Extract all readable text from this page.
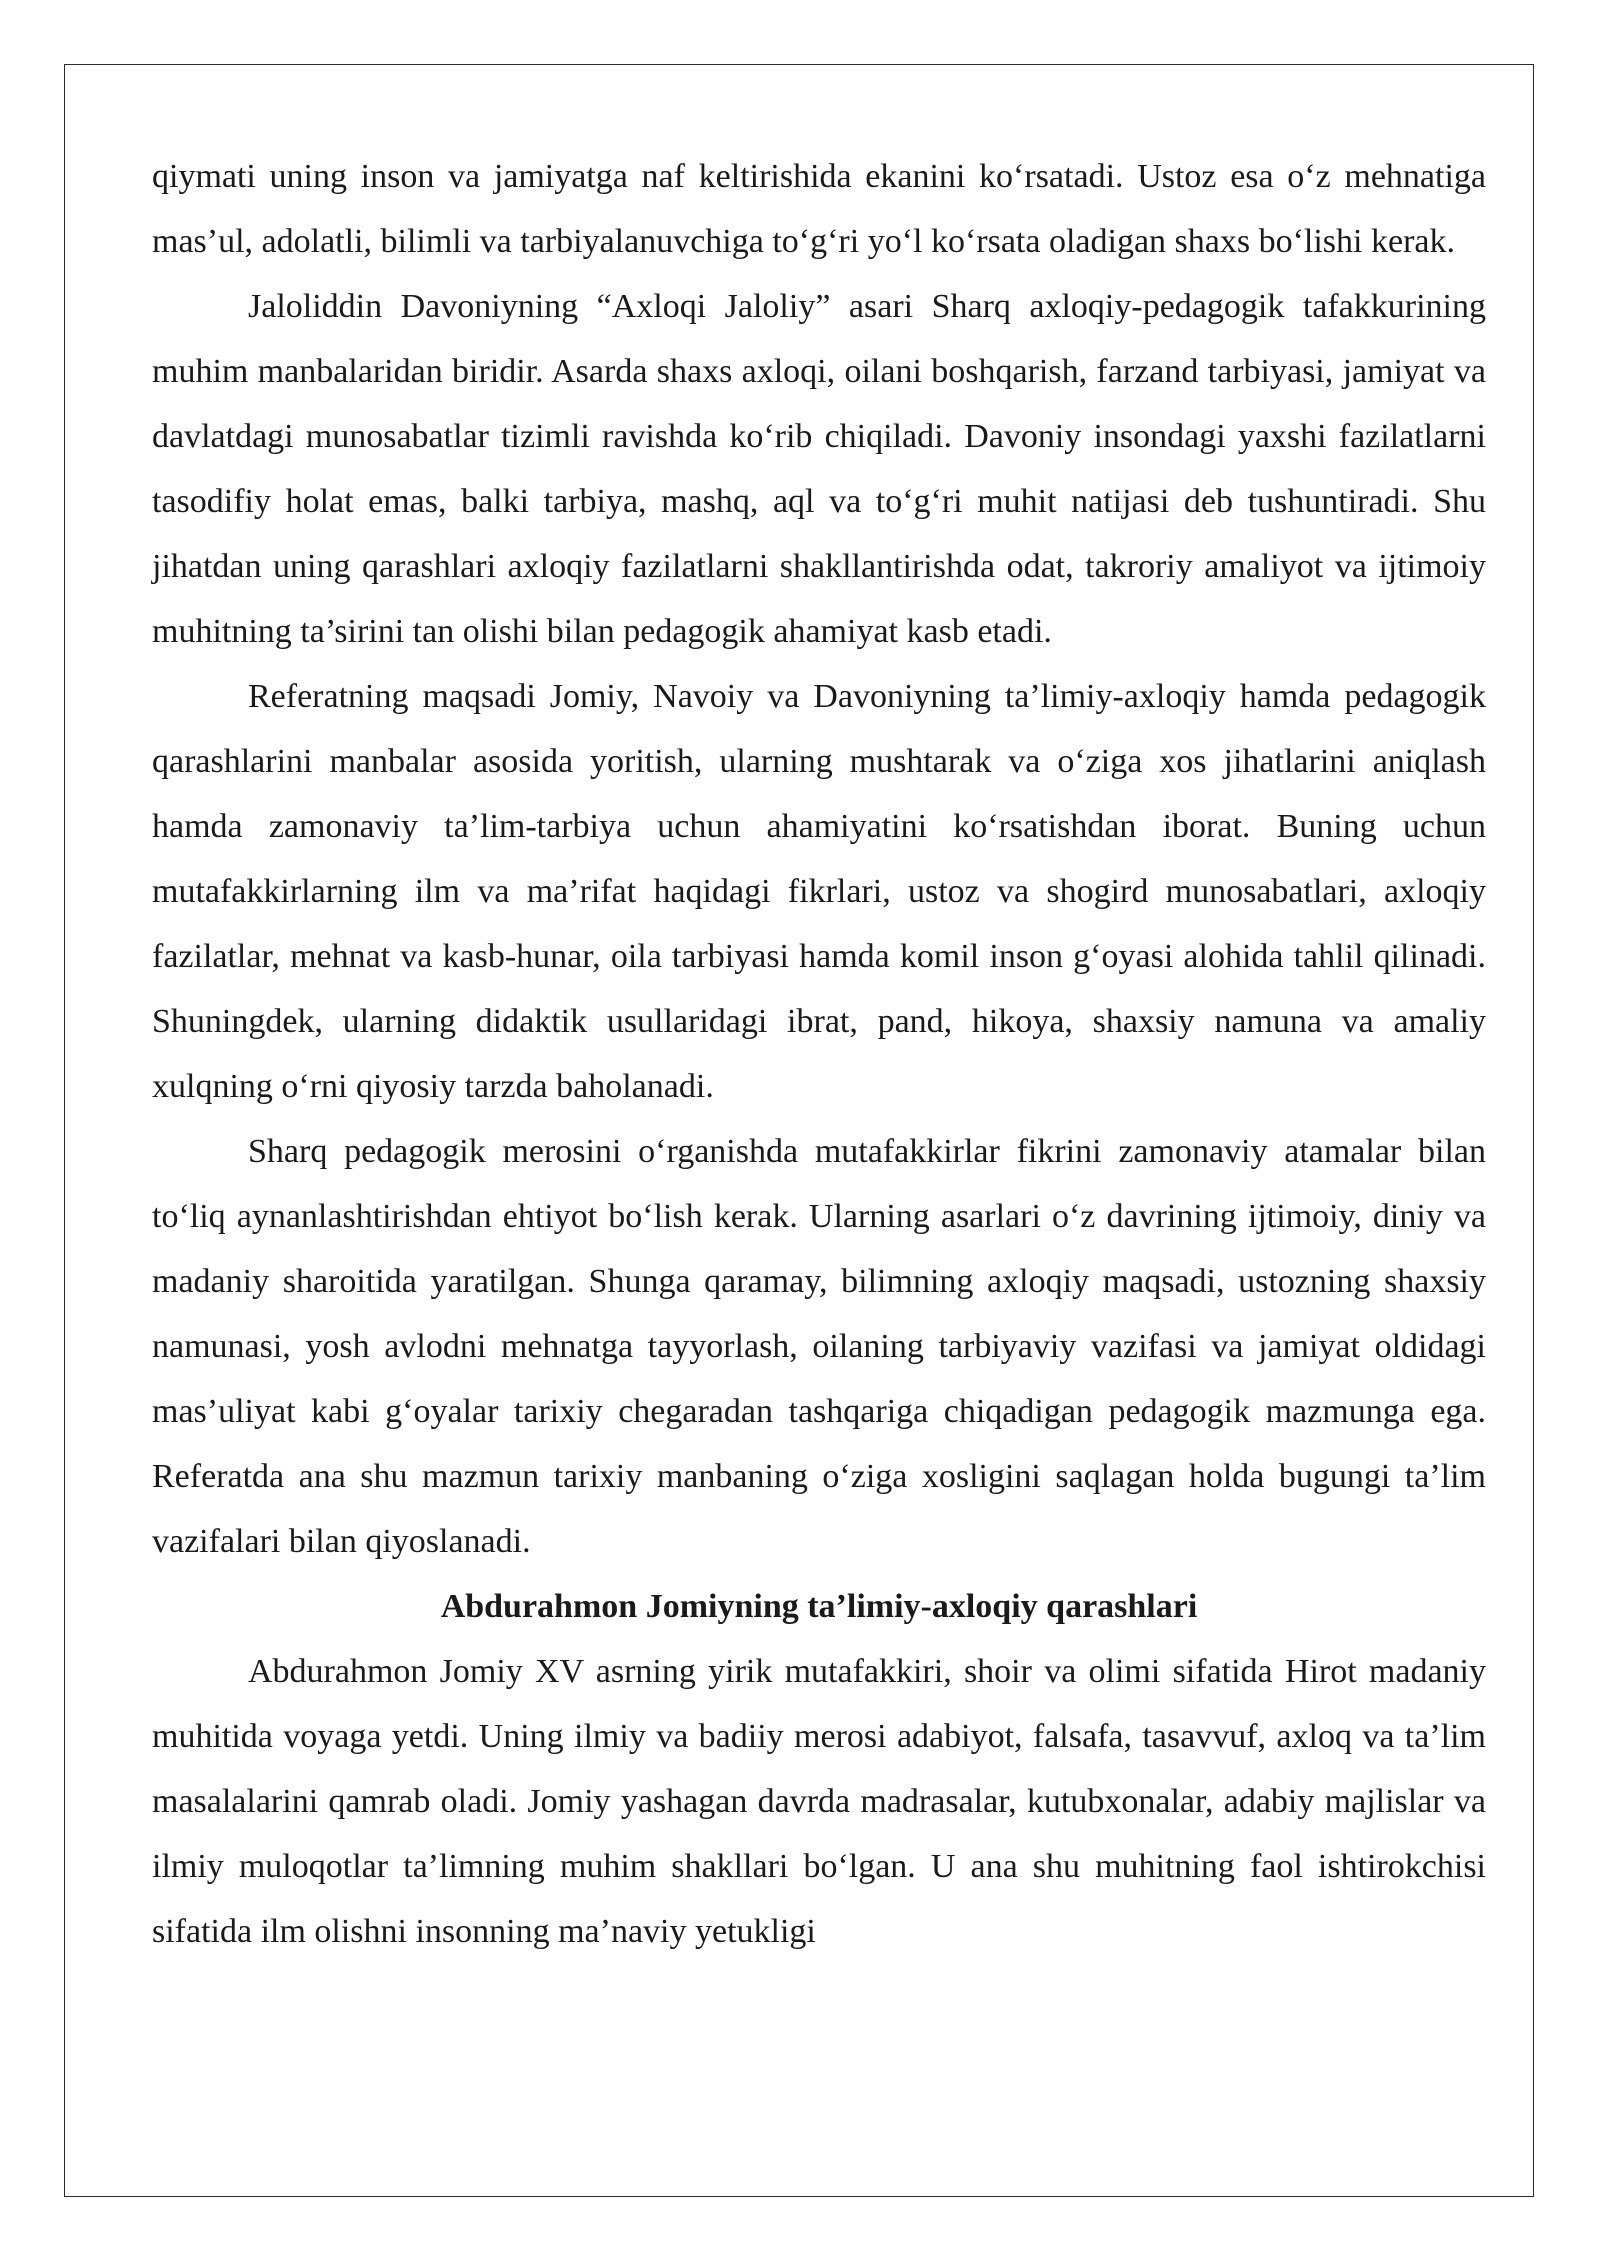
qiymati uning inson va jamiyatga naf keltirishida ekanini ko‘rsatadi. Ustoz esa o‘z mehnatiga mas’ul, adolatli, bilimli va tarbiyalanuvchiga to‘g‘ri yo‘l ko‘rsata oladigan shaxs bo‘lishi kerak.

Jaloliddin Davoniyning “Axloqi Jaloliy” asari Sharq axloqiy-pedagogik tafakkurining muhim manbalaridan biridir. Asarda shaxs axloqi, oilani boshqarish, farzand tarbiyasi, jamiyat va davlatdagi munosabatlar tizimli ravishda ko‘rib chiqiladi. Davoniy insondagi yaxshi fazilatlarni tasodifiy holat emas, balki tarbiya, mashq, aql va to‘g‘ri muhit natijasi deb tushuntiradi. Shu jihatdan uning qarashlari axloqiy fazilatlarni shakllantirishda odat, takroriy amaliyot va ijtimoiy muhitning ta’sirini tan olishi bilan pedagogik ahamiyat kasb etadi.

Referatning maqsadi Jomiy, Navoiy va Davoniyning ta’limiy-axloqiy hamda pedagogik qarashlarini manbalar asosida yoritish, ularning mushtarak va o‘ziga xos jihatlarini aniqlash hamda zamonaviy ta’lim-tarbiya uchun ahamiyatini ko‘rsatishdan iborat. Buning uchun mutafakkirlarning ilm va ma’rifat haqidagi fikrlari, ustoz va shogird munosabatlari, axloqiy fazilatlar, mehnat va kasb-hunar, oila tarbiyasi hamda komil inson g‘oyasi alohida tahlil qilinadi. Shuningdek, ularning didaktik usullaridagi ibrat, pand, hikoya, shaxsiy namuna va amaliy xulqning o‘rni qiyosiy tarzda baholanadi.

Sharq pedagogik merosini o‘rganishda mutafakkirlar fikrini zamonaviy atamalar bilan to‘liq aynanlashtirishdan ehtiyot bo‘lish kerak. Ularning asarlari o‘z davrining ijtimoiy, diniy va madaniy sharoitida yaratilgan. Shunga qaramay, bilimning axloqiy maqsadi, ustozning shaxsiy namunasi, yosh avlodni mehnatga tayyorlash, oilaning tarbiyaviy vazifasi va jamiyat oldidagi mas’uliyat kabi g‘oyalar tarixiy chegaradan tashqariga chiqadigan pedagogik mazmunga ega. Referatda ana shu mazmun tarixiy manbaning o‘ziga xosligini saqlagan holda bugungi ta’lim vazifalari bilan qiyoslanadi.

Abdurahmon Jomiyning ta’limiy-axloqiy qarashlari

Abdurahmon Jomiy XV asrning yirik mutafakkiri, shoir va olimi sifatida Hirot madaniy muhitida voyaga yetdi. Uning ilmiy va badiiy merosi adabiyot, falsafa, tasavvuf, axloq va ta’lim masalalarini qamrab oladi. Jomiy yashagan davrda madrasalar, kutubxonalar, adabiy majlislar va ilmiy muloqotlar ta’limning muhim shakllari bo‘lgan. U ana shu muhitning faol ishtirokchisi sifatida ilm olishni insonning ma’naviy yetukligi
